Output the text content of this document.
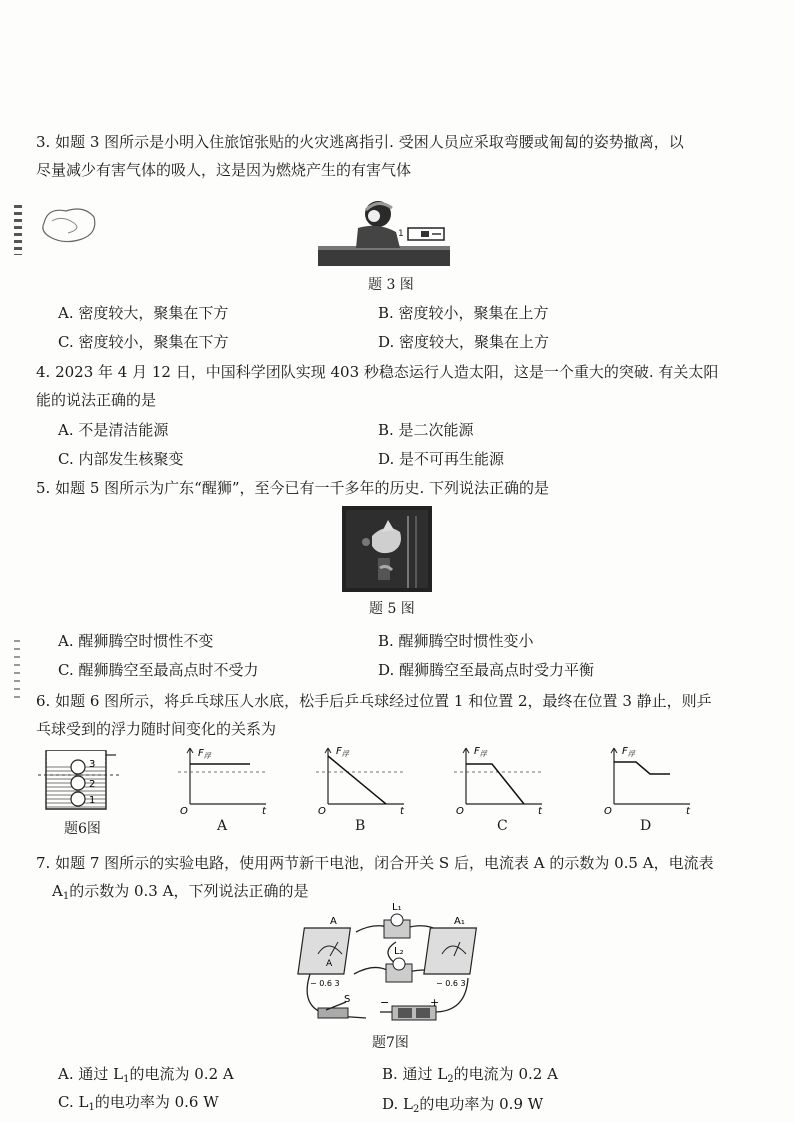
3. 如题 3 图所示是小明入住旅馆张贴的火灾逃离指引. 受困人员应采取弯腰或匍匐的姿势撤离，以
尽量减少有害气体的吸人，这是因为燃烧产生的有害气体
1
题 3 图
A. 密度较大，聚集在下方	B. 密度较小，聚集在上方
C. 密度较小，聚集在下方	D. 密度较大，聚集在上方
4. 2023 年 4 月 12 日，中国科学团队实现 403 秒稳态运行人造太阳，这是一个重大的突破. 有关太阳
能的说法正确的是
A. 不是清洁能源	B. 是二次能源
C. 内部发生核聚变	D. 是不可再生能源
5. 如题 5 图所示为广东“醒狮”，至今已有一千多年的历史. 下列说法正确的是
题 5 图
A. 醒狮腾空时惯性不变	B. 醒狮腾空时惯性变小
C. 醒狮腾空至最高点时不受力	D. 醒狮腾空至最高点时受力平衡
6. 如题 6 图所示，将乒乓球压人水底，松手后乒乓球经过位置 1 和位置 2，最终在位置 3 静止，则乒
乓球受到的浮力随时间变化的关系为
3
2
1
题6图
$F_浮$
O	t
A
$F_浮$
O	t
B
$F_浮$
O	t
C
$F_浮$
O	t
D
7. 如题 7 图所示的实验电路，使用两节新干电池，闭合开关 S 后，电流表 A 的示数为 0.5 A，电流表
$A_1$的示数为 0.3 A，下列说法正确的是
A
A
− 0.6 3
L₁
L₂
A₁
− 0.6 3
S	−	+
题7图
A. 通过 $L_1$的电流为 0.2 A	B. 通过 $L_2$的电流为 0.2 A
C. $L_1$的电功率为 0.6 W	D. $L_2$的电功率为 0.9 W
